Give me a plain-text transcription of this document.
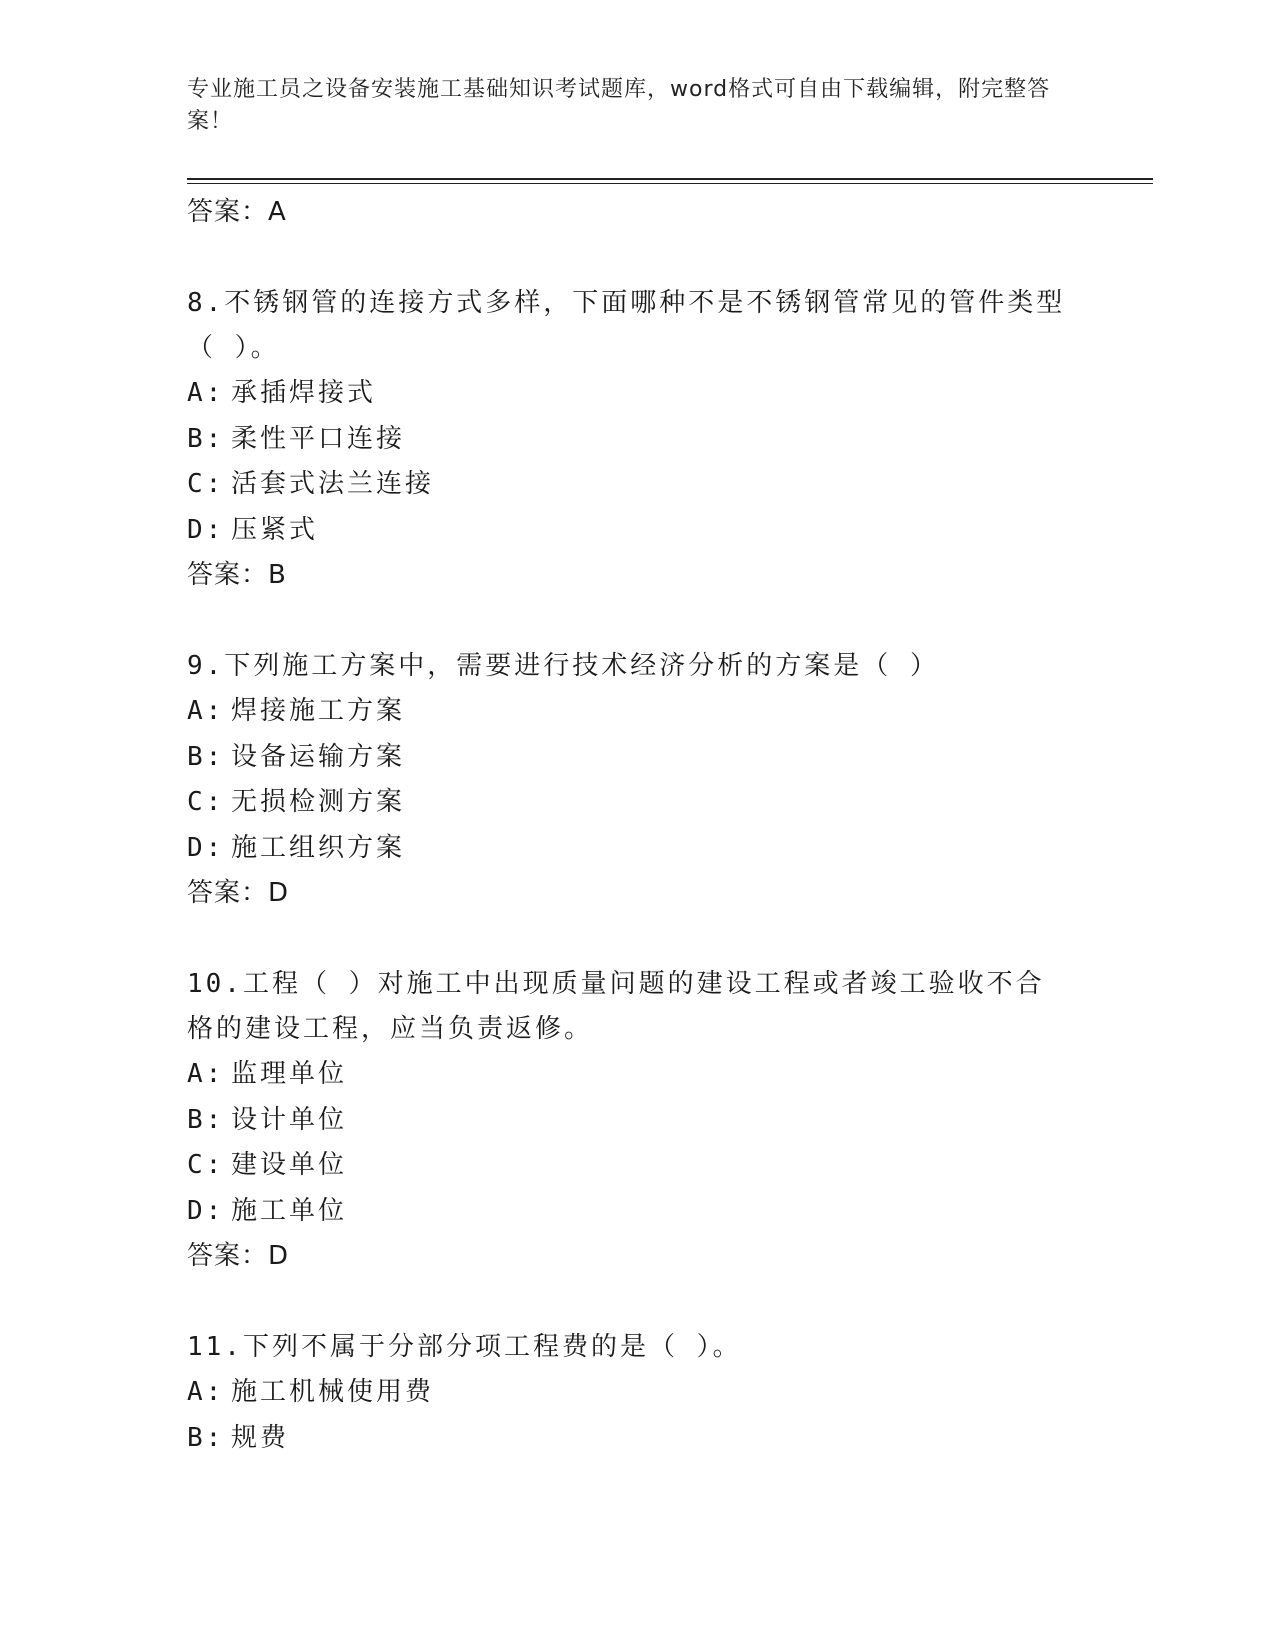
专业施工员之设备安装施工基础知识考试题库，word格式可自由下载编辑，附完整答案！
答案：A
8.不锈钢管的连接方式多样，下面哪种不是不锈钢管常见的管件类型（ ）。
A: 承插焊接式
B: 柔性平口连接
C: 活套式法兰连接
D: 压紧式
答案：B
9.下列施工方案中，需要进行技术经济分析的方案是（ ）
A: 焊接施工方案
B: 设备运输方案
C: 无损检测方案
D: 施工组织方案
答案：D
10.工程（ ）对施工中出现质量问题的建设工程或者竣工验收不合格的建设工程，应当负责返修。
A: 监理单位
B: 设计单位
C: 建设单位
D: 施工单位
答案：D
11.下列不属于分部分项工程费的是（ ）。
A: 施工机械使用费
B: 规费
